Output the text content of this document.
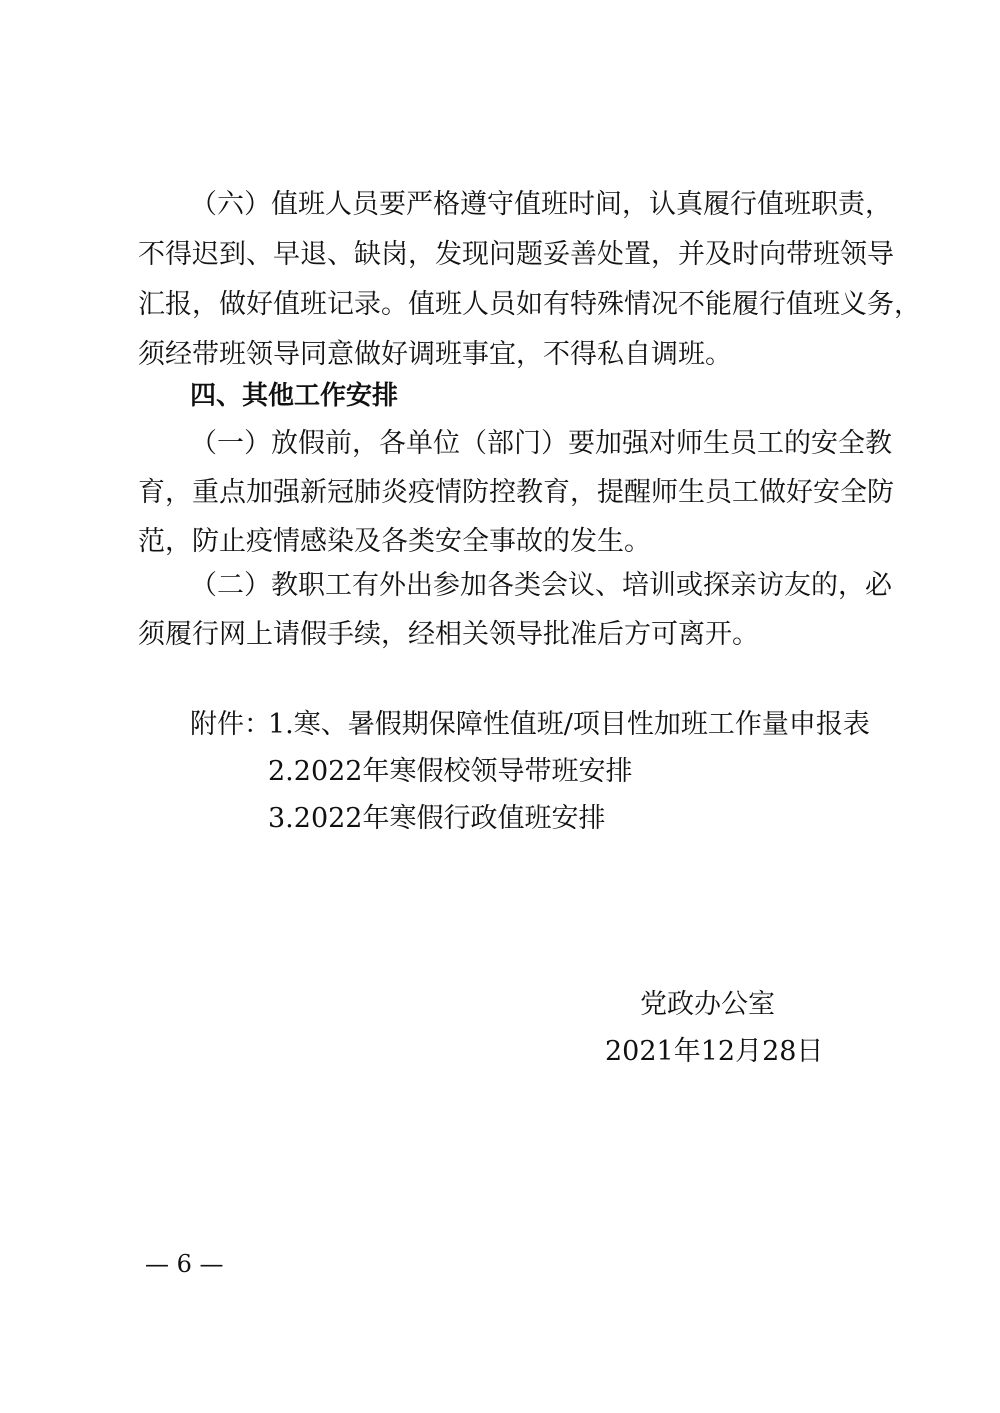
（六）值班人员要严格遵守值班时间，认真履行值班职责，
不得迟到、早退、缺岗，发现问题妥善处置，并及时向带班领导
汇报，做好值班记录。值班人员如有特殊情况不能履行值班义务，
须经带班领导同意做好调班事宜，不得私自调班。
四、其他工作安排
（一）放假前，各单位（部门）要加强对师生员工的安全教
育，重点加强新冠肺炎疫情防控教育，提醒师生员工做好安全防
范，防止疫情感染及各类安全事故的发生。
（二）教职工有外出参加各类会议、培训或探亲访友的，必
须履行网上请假手续，经相关领导批准后方可离开。
附件：
1.寒、暑假期保障性值班/项目性加班工作量申报表
2.2022年寒假校领导带班安排
3.2022年寒假行政值班安排
党政办公室
2021年12月28日
— 6 —
